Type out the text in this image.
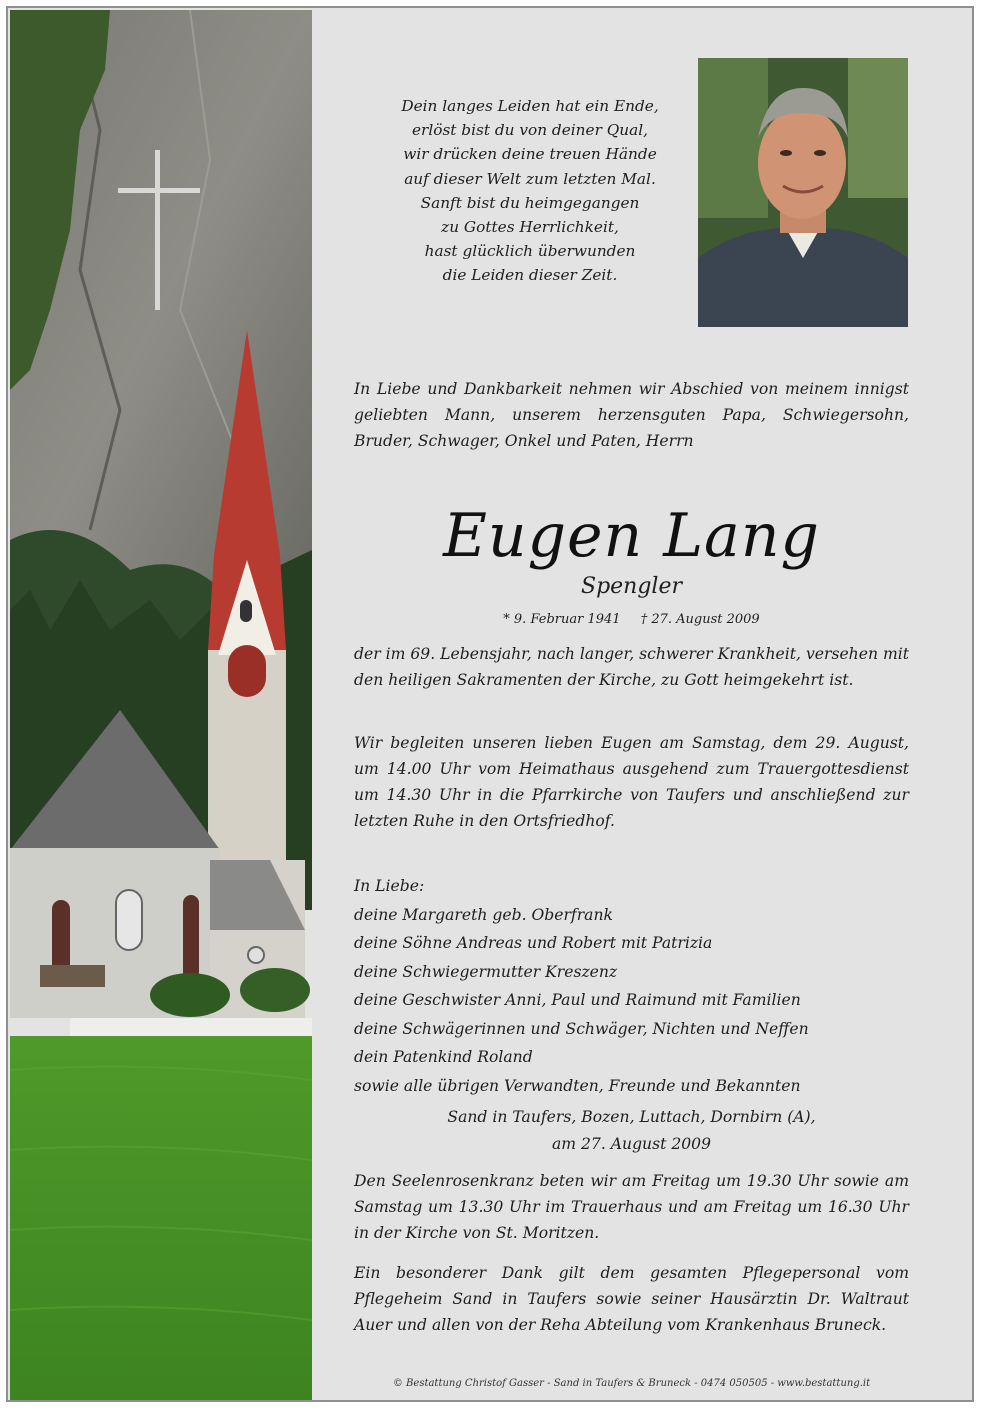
Dein langes Leiden hat ein Ende,
erlöst bist du von deiner Qual,
wir drücken deine treuen Hände
auf dieser Welt zum letzten Mal.
Sanft bist du heimgegangen
zu Gottes Herrlichkeit,
hast glücklich überwunden
die Leiden dieser Zeit.
In Liebe und Dankbarkeit nehmen wir Abschied von meinem innigst geliebten Mann, unserem herzensguten Papa, Schwiegersohn, Bruder, Schwager, Onkel und Paten, Herrn
Eugen Lang
Spengler
* 9. Februar 1941 † 27. August 2009
der im 69. Lebensjahr, nach langer, schwerer Krankheit, versehen mit den heiligen Sakramenten der Kirche, zu Gott heimgekehrt ist.
Wir begleiten unseren lieben Eugen am Samstag, dem 29. August, um 14.00 Uhr vom Heimathaus ausgehend zum Trauergottesdienst um 14.30 Uhr in die Pfarrkirche von Taufers und anschließend zur letzten Ruhe in den Ortsfriedhof.
In Liebe:
deine Margareth geb. Oberfrank
deine Söhne Andreas und Robert mit Patrizia
deine Schwiegermutter Kreszenz
deine Geschwister Anni, Paul und Raimund mit Familien
deine Schwägerinnen und Schwäger, Nichten und Neffen
dein Patenkind Roland
sowie alle übrigen Verwandten, Freunde und Bekannten
Sand in Taufers, Bozen, Luttach, Dornbirn (A),
am 27. August 2009
Den Seelenrosenkranz beten wir am Freitag um 19.30 Uhr sowie am Samstag um 13.30 Uhr im Trauerhaus und am Freitag um 16.30 Uhr in der Kirche von St. Moritzen.
Ein besonderer Dank gilt dem gesamten Pflegepersonal vom Pflegeheim Sand in Taufers sowie seiner Hausärztin Dr. Waltraut Auer und allen von der Reha Abteilung vom Krankenhaus Bruneck.
© Bestattung Christof Gasser - Sand in Taufers & Bruneck - 0474 050505 - www.bestattung.it
